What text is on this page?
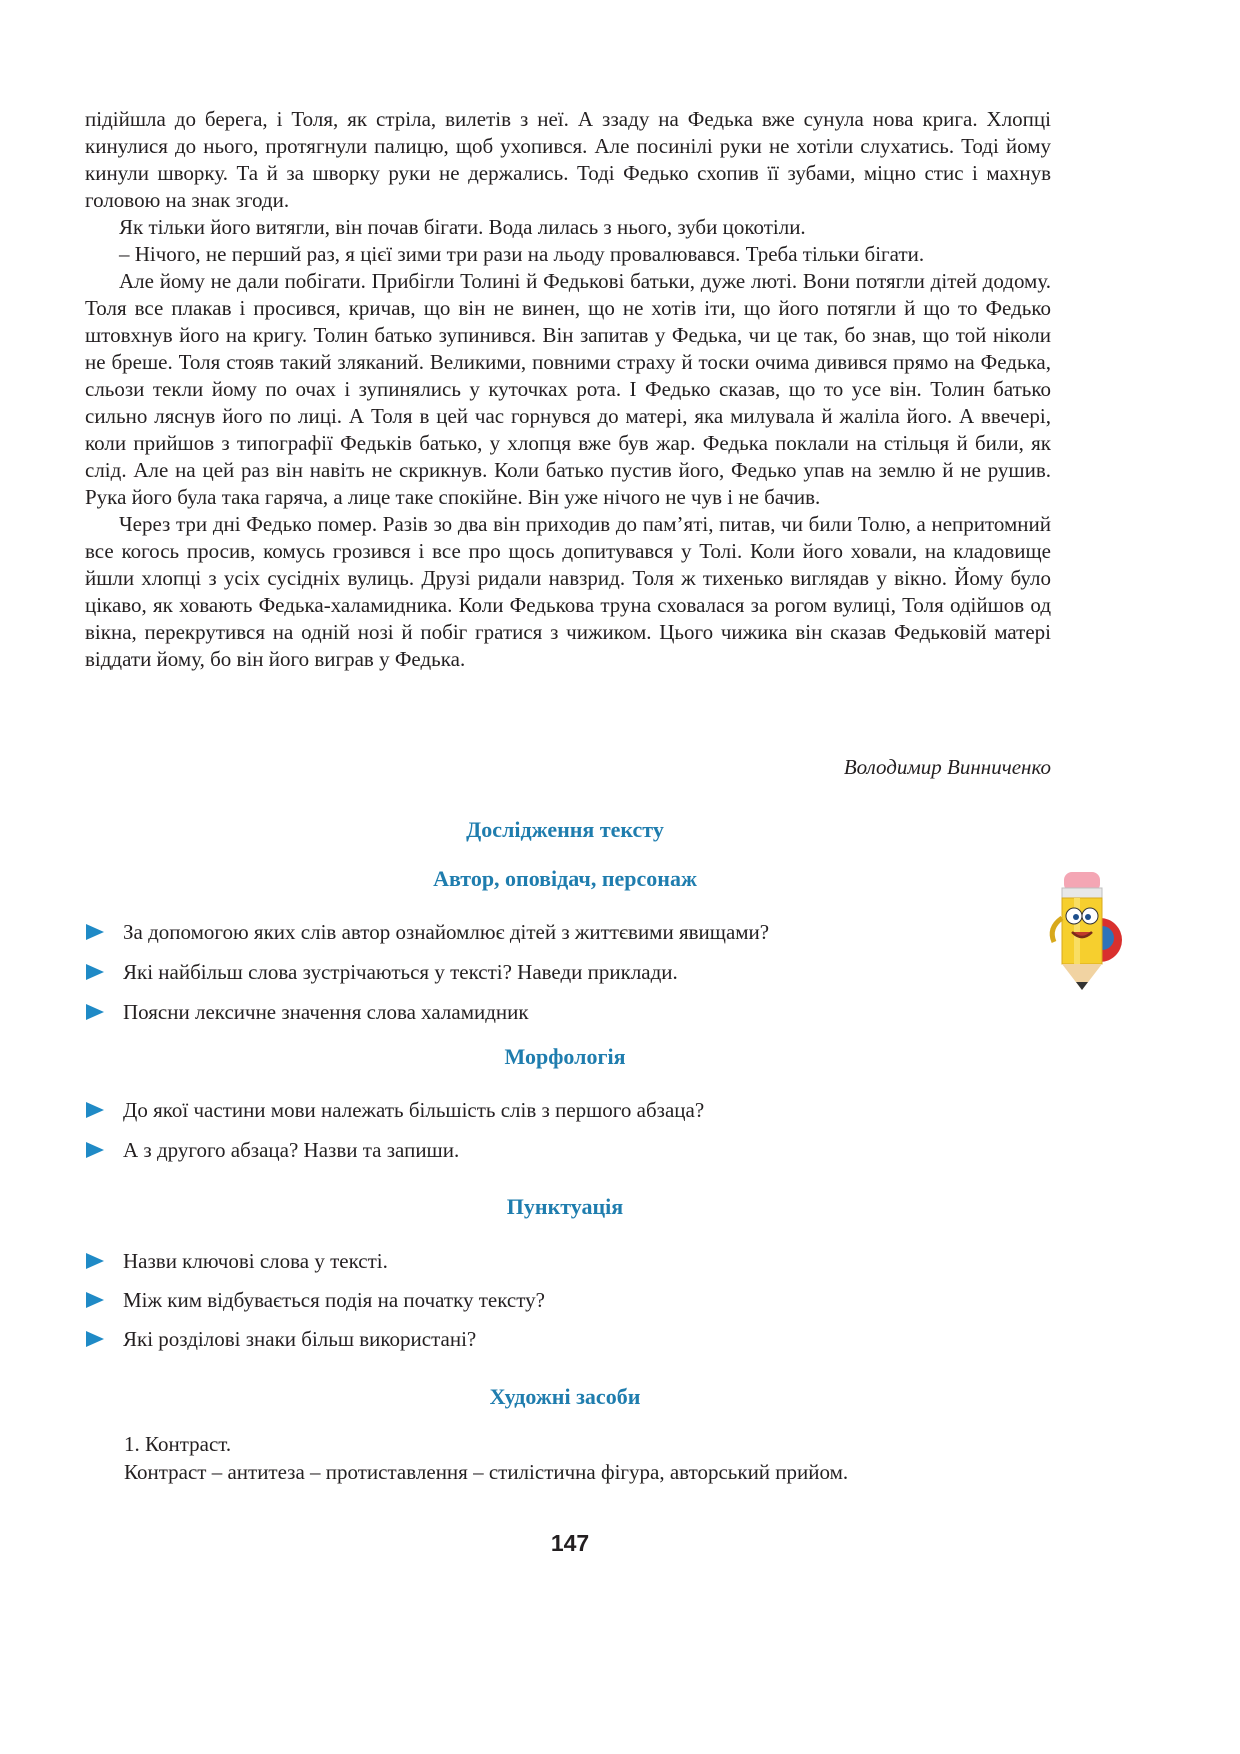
підійшла до берега, і Толя, як стріла, вилетів з неї. А ззаду на Федька вже сунула нова крига. Хлопці кинулися до нього, протягнули палицю, щоб ухопився. Але посинілі руки не хотіли слухатись. Тоді йому кинули шворку. Та й за шворку руки не держались. Тоді Федько схопив її зубами, міцно стис і махнув головою на знак згоди.

Як тільки його витягли, він почав бігати. Вода лилась з нього, зуби цокотіли.

– Нічого, не перший раз, я цієї зими три рази на льоду провалювався. Треба тільки бігати.

Але йому не дали побігати. Прибігли Толині й Федькові батьки, дуже люті. Вони потягли дітей додому. Толя все плакав і просився, кричав, що він не винен, що не хотів іти, що його потягли й що то Федько штовхнув його на кригу. Толин батько зупинився. Він запитав у Федька, чи це так, бо знав, що той ніколи не бреше. Толя стояв такий зляканий. Великими, повними страху й тоски очима дивився прямо на Федька, сльози текли йому по очах і зупинялись у куточках рота. І Федько сказав, що то усе він. Толин батько сильно ляснув його по лиці. А Толя в цей час горнувся до матері, яка милувала й жаліла його. А ввечері, коли прийшов з типографії Федьків батько, у хлопця вже був жар. Федька поклали на стільця й били, як слід. Але на цей раз він навіть не скрикнув. Коли батько пустив його, Федько упав на землю й не рушив. Рука його була така гаряча, а лице таке спокійне. Він уже нічого не чув і не бачив.

Через три дні Федько помер. Разів зо два він приходив до пам’яті, питав, чи били Толю, а непритомний все когось просив, комусь грозився і все про щось допитувався у Толі. Коли його ховали, на кладовище йшли хлопці з усіх сусідніх вулиць. Друзі ридали навзрид. Толя ж тихенько виглядав у вікно. Йому було цікаво, як ховають Федька-халамидника. Коли Федькова труна сховалася за рогом вулиці, Толя одійшов од вікна, перекрутився на одній нозі й побіг гратися з чижиком. Цього чижика він сказав Федьковій матері віддати йому, бо він його виграв у Федька.

Володимир Винниченко
Дослідження тексту
Автор, оповідач, персонаж
За допомогою яких слів автор ознайомлює дітей з життєвими явищами?
Які найбільш слова зустрічаються у тексті? Наведи приклади.
Поясни лексичне значення слова халамидник
Морфологія
До якої частини мови належать більшість слів з першого абзаца?
А з другого абзаца? Назви та запиши.
Пунктуація
Назви ключові слова у тексті.
Між ким відбувається подія на початку тексту?
Які розділові знаки більш використані?
Художні засоби
1. Контраст.
Контраст – антитеза – протиставлення – стилістична фігура, авторський прийом.
147
